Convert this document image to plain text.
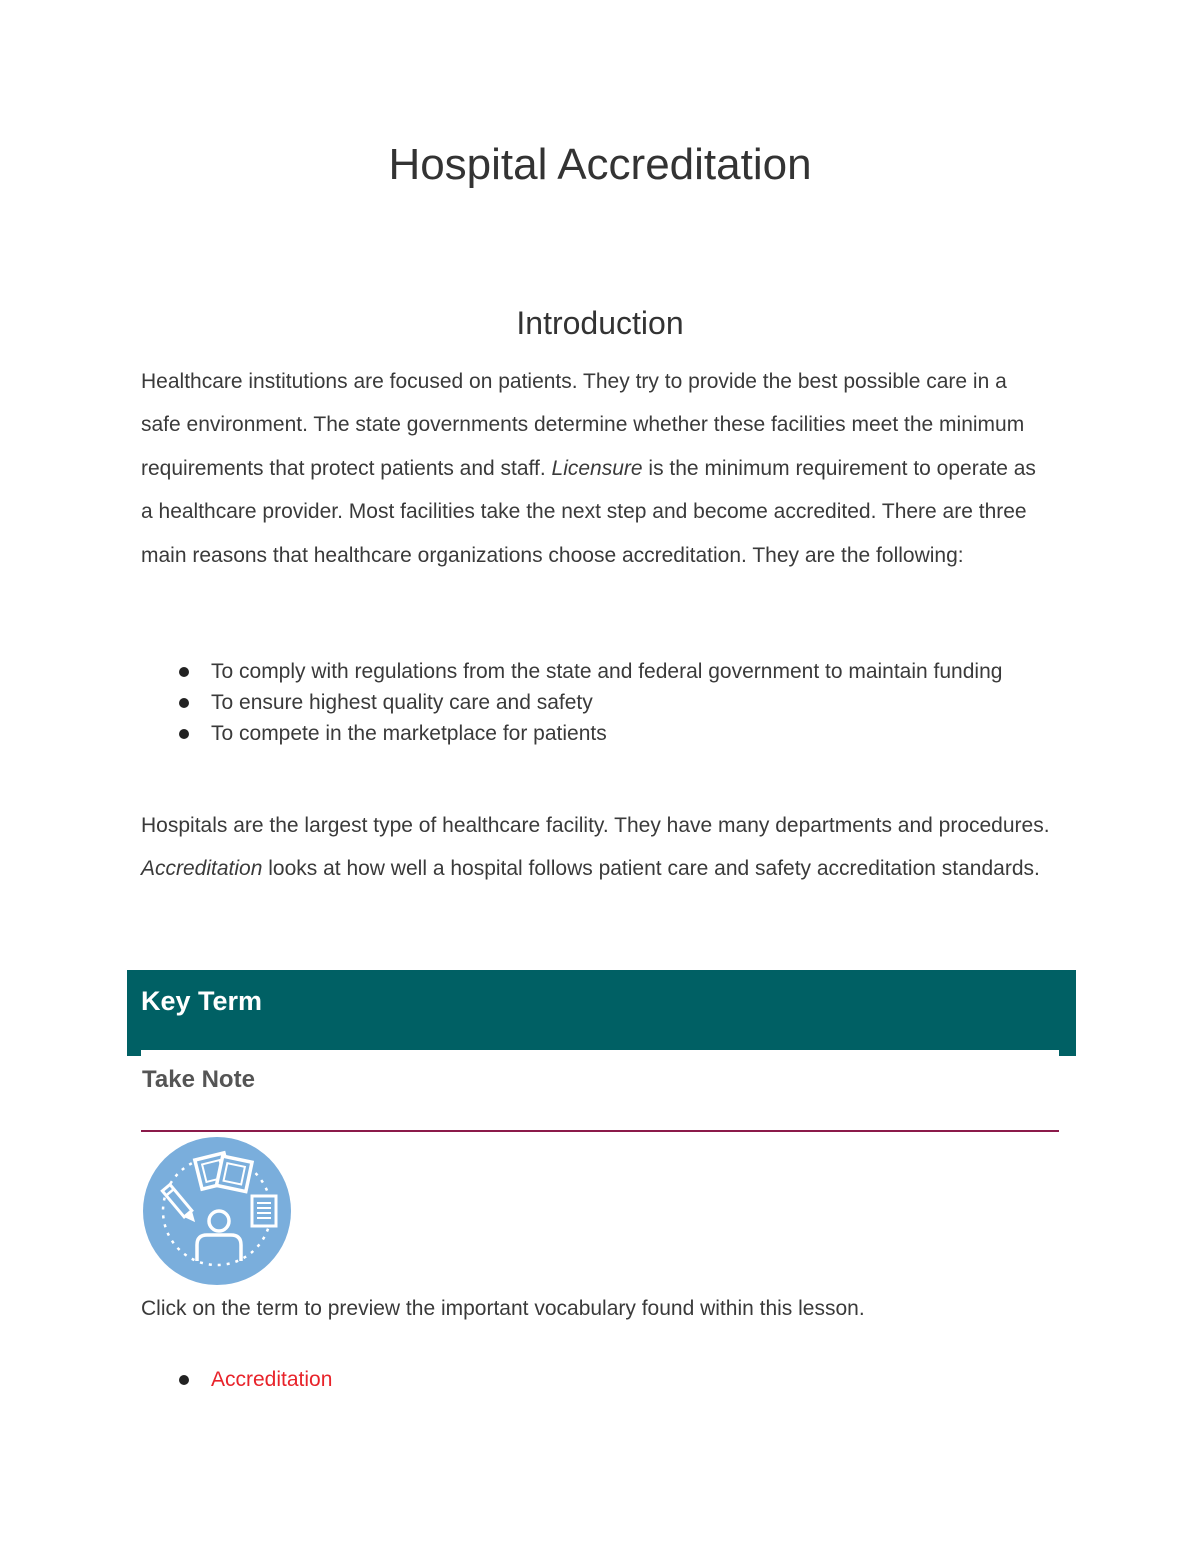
Hospital Accreditation
Introduction

Healthcare institutions are focused on patients. They try to provide the best possible care in a safe environment. The state governments determine whether these facilities meet the minimum requirements that protect patients and staff. Licensure is the minimum requirement to operate as a healthcare provider. Most facilities take the next step and become accredited. There are three main reasons that healthcare organizations choose accreditation. They are the following:

To comply with regulations from the state and federal government to maintain funding
To ensure highest quality care and safety
To compete in the marketplace for patients

Hospitals are the largest type of healthcare facility. They have many departments and procedures. Accreditation looks at how well a hospital follows patient care and safety accreditation standards.

Key Term
Take Note

Click on the term to preview the important vocabulary found within this lesson.

Accreditation
